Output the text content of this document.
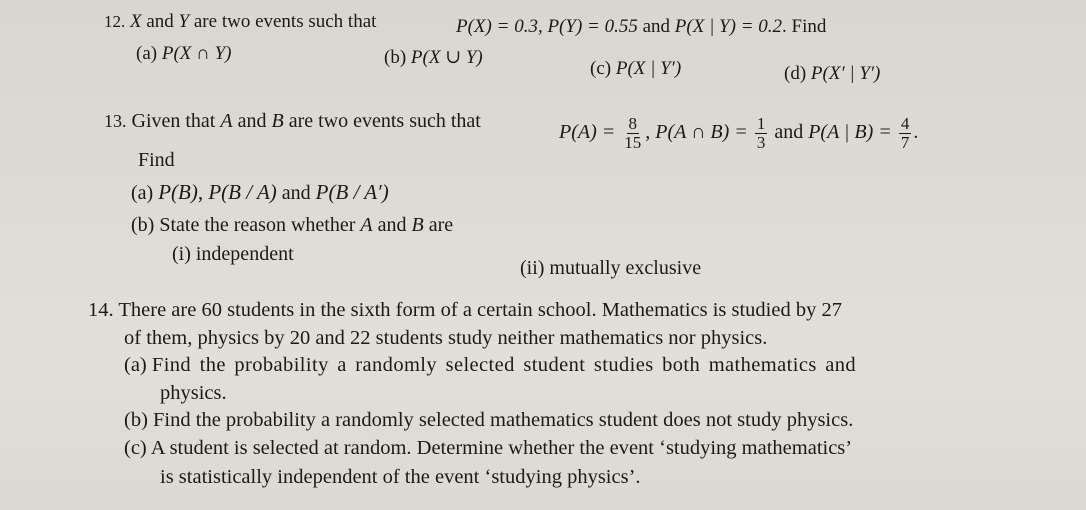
12. X and Y are two events such that	P(X) = 0.3, P(Y) = 0.55 and P(X | Y) = 0.2. Find
(a) P(X ∩ Y)	(b) P(X ∪ Y)
(c) P(X | Y′)	(d) P(X′ | Y′)
13. Given that A and B are two events such that	$P(A) = \frac{8}{15}$ , P(A ∩ $B) = \frac{1}{3}$ and P(A | $B) = \frac{4}{7}$ .
Find
(a) P(B), P(B / A) and P(B / A′)
(b) State the reason whether A and B are
(i) independent
(ii) mutually exclusive
14. There are 60 students in the sixth form of a certain school. Mathematics is studied by 27
of them, physics by 20 and 22 students study neither mathematics nor physics.
(a) Find the probability a randomly selected student studies both mathematics and
physics.
(b) Find the probability a randomly selected mathematics student does not study physics.
(c) A student is selected at random. Determine whether the event ‘studying mathematics’
is statistically independent of the event ‘studying physics’.
